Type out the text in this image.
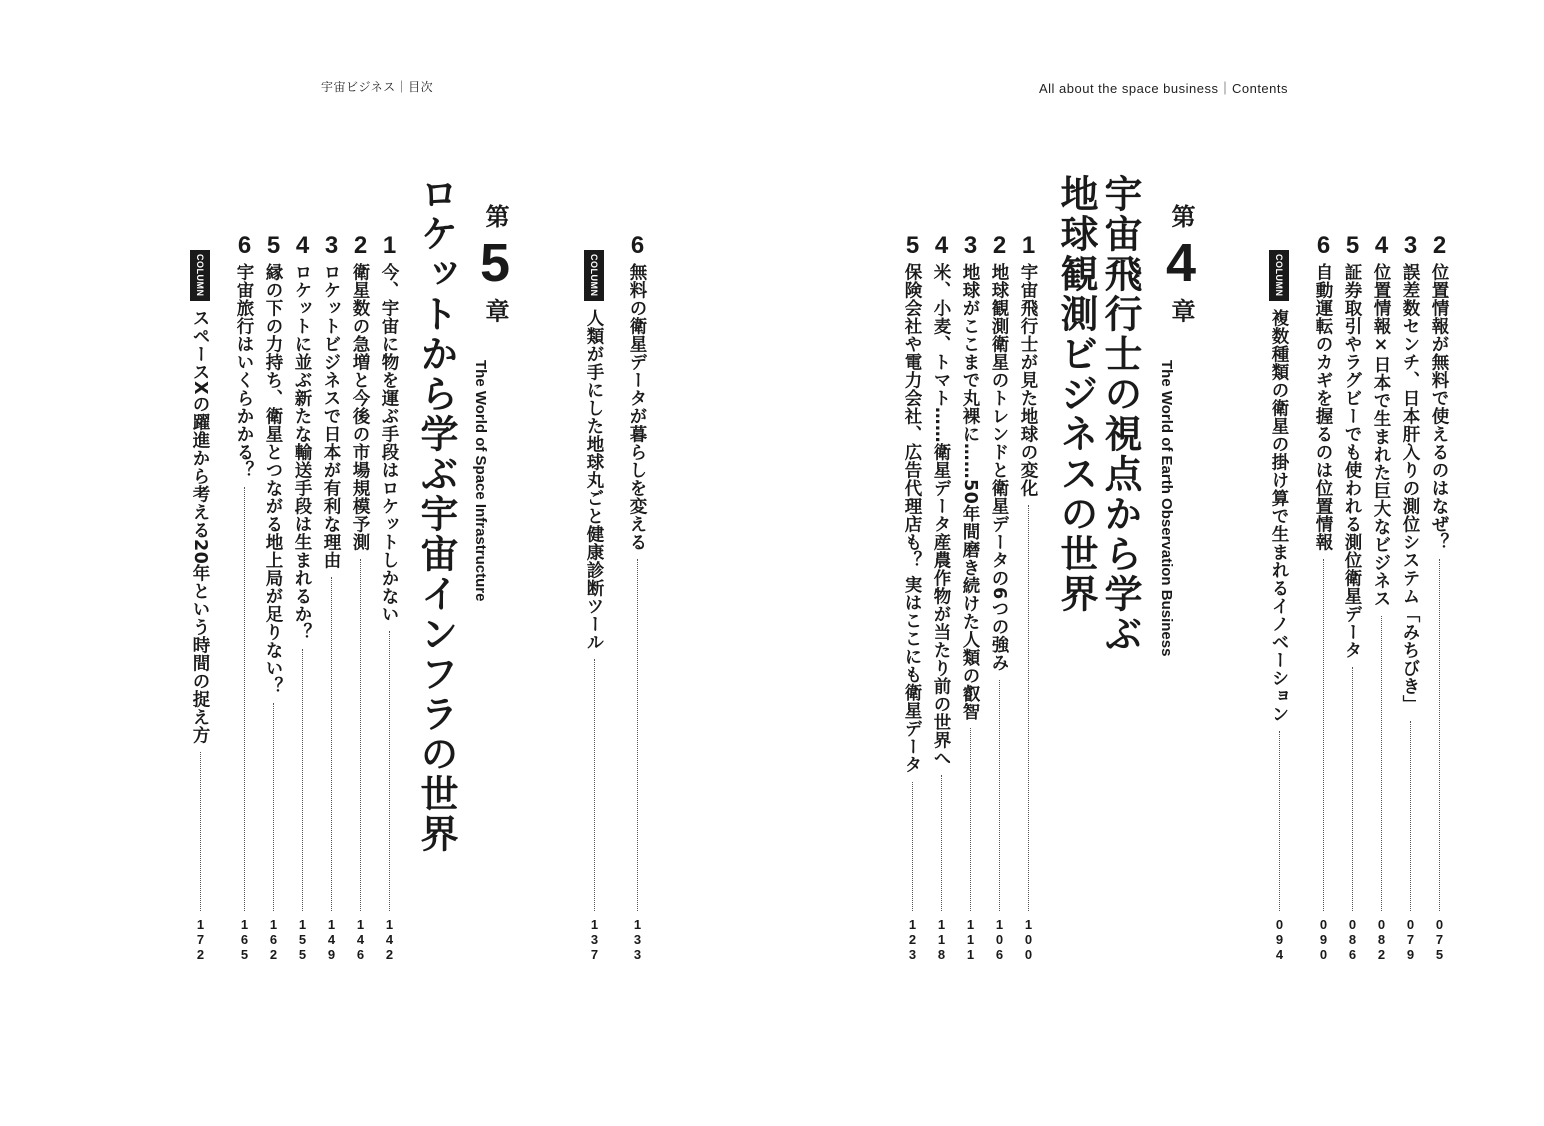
宇宙ビジネス｜目次	All about the space business｜Contents
2
位置情報が無料で使えるのはなぜ？
075
3
誤差数センチ、日本肝入りの測位システム「みちびき」
079
4
位置情報×日本で生まれた巨大なビジネス
082
5
証券取引やラグビーでも使われる測位衛星データ
086
6
自動運転のカギを握るのは位置情報
090
COLUMN
複数種類の衛星の掛け算で生まれるイノベーション
094
第 4 章
The World of Earth Observation Business
宇宙飛行士の視点から学ぶ
地球観測ビジネスの世界
1
宇宙飛行士が見た地球の変化
100
2
地球観測衛星のトレンドと衛星データの6つの強み
106
3
地球がここまで丸裸に……50年間磨き続けた人類の叡智
111
4
米、小麦、トマト……衛星データ産農作物が当たり前の世界へ
118
5
保険会社や電力会社、広告代理店も？ 実はここにも衛星データ
123
6
無料の衛星データが暮らしを変える
133
COLUMN
人類が手にした地球丸ごと健康診断ツール
137
第 5 章
The World of Space Infrastructure
ロケットから学ぶ宇宙インフラの世界
1
今、宇宙に物を運ぶ手段はロケットしかない
142
2
衛星数の急増と今後の市場規模予測
146
3
ロケットビジネスで日本が有利な理由
149
4
ロケットに並ぶ新たな輸送手段は生まれるか？
155
5
縁の下の力持ち、衛星とつながる地上局が足りない？
162
6
宇宙旅行はいくらかかる？
165
COLUMN
スペースXの躍進から考える20年という時間の捉え方
172
